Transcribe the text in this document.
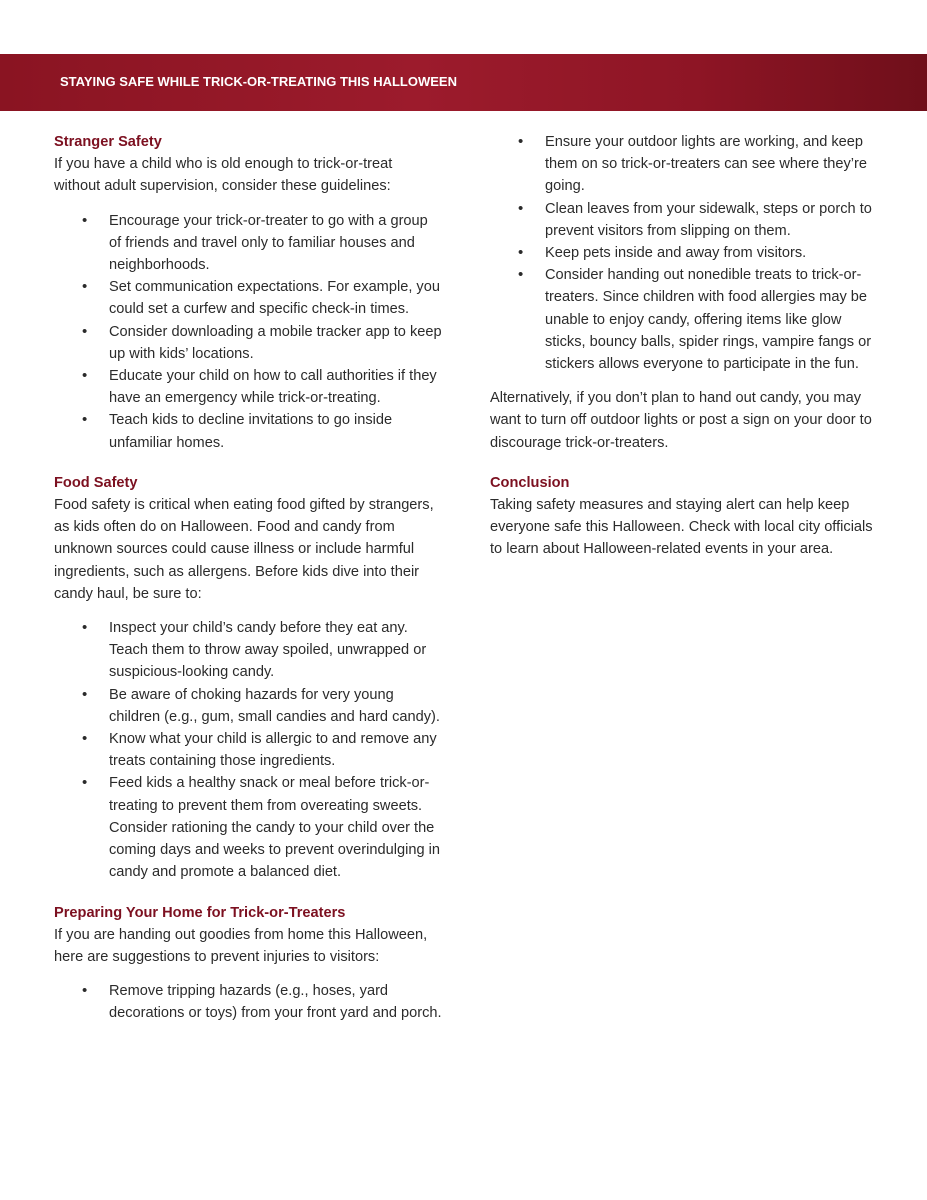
STAYING SAFE WHILE TRICK-OR-TREATING THIS HALLOWEEN
Stranger Safety

If you have a child who is old enough to trick-or-treat without adult supervision, consider these guidelines:

• Encourage your trick-or-treater to go with a group of friends and travel only to familiar houses and neighborhoods.
• Set communication expectations. For example, you could set a curfew and specific check-in times.
• Consider downloading a mobile tracker app to keep up with kids’ locations.
• Educate your child on how to call authorities if they have an emergency while trick-or-treating.
• Teach kids to decline invitations to go inside unfamiliar homes.
Food Safety

Food safety is critical when eating food gifted by strangers, as kids often do on Halloween. Food and candy from unknown sources could cause illness or include harmful ingredients, such as allergens. Before kids dive into their candy haul, be sure to:

• Inspect your child’s candy before they eat any. Teach them to throw away spoiled, unwrapped or suspicious-looking candy.
• Be aware of choking hazards for very young children (e.g., gum, small candies and hard candy).
• Know what your child is allergic to and remove any treats containing those ingredients.
• Feed kids a healthy snack or meal before trick-or-treating to prevent them from overeating sweets. Consider rationing the candy to your child over the coming days and weeks to prevent overindulging in candy and promote a balanced diet.
Preparing Your Home for Trick-or-Treaters

If you are handing out goodies from home this Halloween, here are suggestions to prevent injuries to visitors:

• Remove tripping hazards (e.g., hoses, yard decorations or toys) from your front yard and porch.
• Ensure your outdoor lights are working, and keep them on so trick-or-treaters can see where they’re going.
• Clean leaves from your sidewalk, steps or porch to prevent visitors from slipping on them.
• Keep pets inside and away from visitors.
• Consider handing out nonedible treats to trick-or-treaters. Since children with food allergies may be unable to enjoy candy, offering items like glow sticks, bouncy balls, spider rings, vampire fangs or stickers allows everyone to participate in the fun.

Alternatively, if you don’t plan to hand out candy, you may want to turn off outdoor lights or post a sign on your door to discourage trick-or-treaters.

Conclusion

Taking safety measures and staying alert can help keep everyone safe this Halloween. Check with local city officials to learn about Halloween-related events in your area.
